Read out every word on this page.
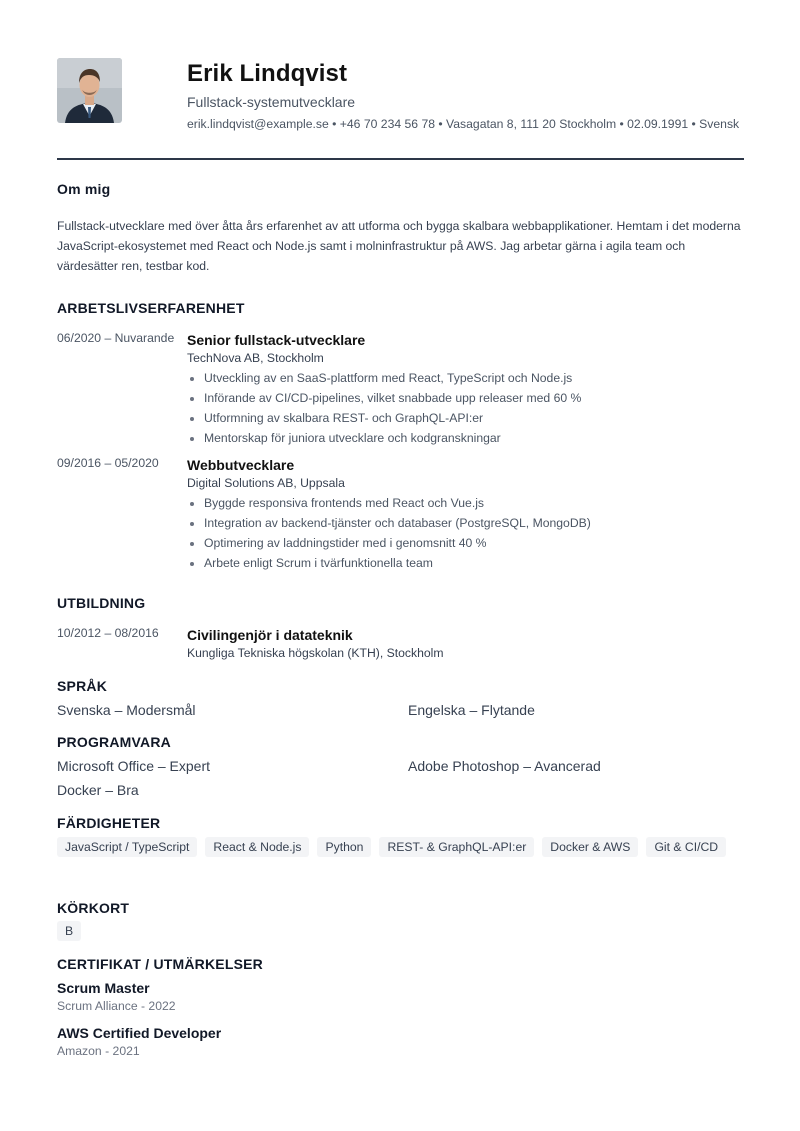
Erik Lindqvist
Fullstack-systemutvecklare
erik.lindqvist@example.se • +46 70 234 56 78 • Vasagatan 8, 111 20 Stockholm • 02.09.1991 • Svensk
Om mig
Fullstack-utvecklare med över åtta års erfarenhet av att utforma och bygga skalbara webbapplikationer. Hemtam i det moderna JavaScript-ekosystemet med React och Node.js samt i molninfrastruktur på AWS. Jag arbetar gärna i agila team och värdesätter ren, testbar kod.
ARBETSLIVSERFARENHET
06/2020 – Nuvarande Senior fullstack-utvecklare
TechNova AB, Stockholm
Utveckling av en SaaS-plattform med React, TypeScript och Node.js
Införande av CI/CD-pipelines, vilket snabbade upp releaser med 60 %
Utformning av skalbara REST- och GraphQL-API:er
Mentorskap för juniora utvecklare och kodgranskningar
09/2016 – 05/2020 Webbutvecklare
Digital Solutions AB, Uppsala
Byggde responsiva frontends med React och Vue.js
Integration av backend-tjänster och databaser (PostgreSQL, MongoDB)
Optimering av laddningstider med i genomsnitt 40 %
Arbete enligt Scrum i tvärfunktionella team
UTBILDNING
10/2012 – 08/2016 Civilingenjör i datateknik
Kungliga Tekniska högskolan (KTH), Stockholm
SPRÅK
Svenska – Modersmål	Engelska – Flytande
PROGRAMVARA
Microsoft Office – Expert	Adobe Photoshop – Avancerad
Docker – Bra
FÄRDIGHETER
JavaScript / TypeScript	React & Node.js	Python	REST- & GraphQL-API:er	Docker & AWS	Git & CI/CD
KÖRKORT
B
CERTIFIKAT / UTMÄRKELSER
Scrum Master
Scrum Alliance - 2022
AWS Certified Developer
Amazon - 2021
